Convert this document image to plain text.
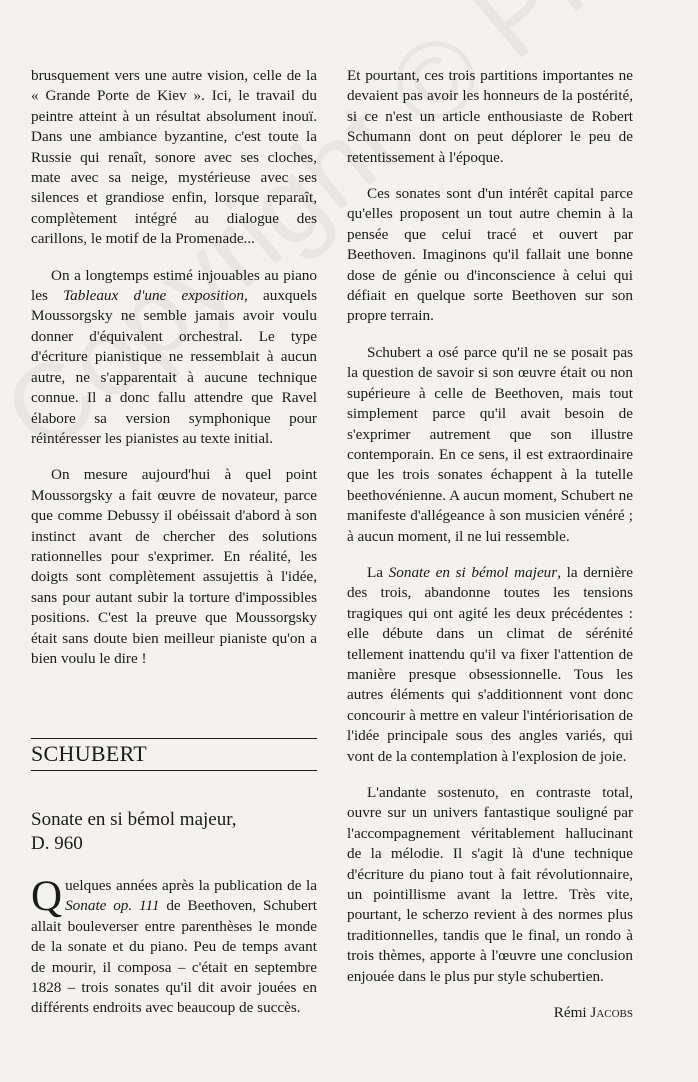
brusquement vers une autre vision, celle de la « Grande Porte de Kiev ». Ici, le travail du peintre atteint à un résultat absolument inouï. Dans une ambiance byzantine, c'est toute la Russie qui renaît, sonore avec ses cloches, mate avec sa neige, mystérieuse avec ses silences et grandiose enfin, lorsque reparaît, complètement intégré au dialogue des carillons, le motif de la Promenade...

On a longtemps estimé injouables au piano les Tableaux d'une exposition, auxquels Moussorgsky ne semble jamais avoir voulu donner d'équivalent orchestral. Le type d'écriture pianistique ne ressemblait à aucun autre, ne s'apparentait à aucune technique connue. Il a donc fallu attendre que Ravel élabore sa version symphonique pour réintéresser les pianistes au texte initial.

On mesure aujourd'hui à quel point Moussorgsky a fait œuvre de novateur, parce que comme Debussy il obéissait d'abord à son instinct avant de chercher des solutions rationnelles pour s'exprimer. En réalité, les doigts sont complètement assujettis à l'idée, sans pour autant subir la torture d'impossibles positions. C'est la preuve que Moussorgsky était sans doute bien meilleur pianiste qu'on a bien voulu le dire !

SCHUBERT
Sonate en si bémol majeur,
D. 960
Quelques années après la publication de la Sonate op. 111 de Beethoven, Schubert allait bouleverser entre parenthèses le monde de la sonate et du piano. Peu de temps avant de mourir, il composa – c'était en septembre 1828 – trois sonates qu'il dit avoir jouées en différents endroits avec beaucoup de succès.

Et pourtant, ces trois partitions importantes ne devaient pas avoir les honneurs de la postérité, si ce n'est un article enthousiaste de Robert Schumann dont on peut déplorer le peu de retentissement à l'époque.

Ces sonates sont d'un intérêt capital parce qu'elles proposent un tout autre chemin à la pensée que celui tracé et ouvert par Beethoven. Imaginons qu'il fallait une bonne dose de génie ou d'inconscience à celui qui défiait en quelque sorte Beethoven sur son propre terrain.

Schubert a osé parce qu'il ne se posait pas la question de savoir si son œuvre était ou non supérieure à celle de Beethoven, mais tout simplement parce qu'il avait besoin de s'exprimer autrement que son illustre contemporain. En ce sens, il est extraordinaire que les trois sonates échappent à la tutelle beethovénienne. A aucun moment, Schubert ne manifeste d'allégeance à son musicien vénéré ; à aucun moment, il ne lui ressemble.

La Sonate en si bémol majeur, la dernière des trois, abandonne toutes les tensions tragiques qui ont agité les deux précédentes : elle débute dans un climat de sérénité tellement inattendu qu'il va fixer l'attention de manière presque obsessionnelle. Tous les autres éléments qui s'additionnent vont donc concourir à mettre en valeur l'intériorisation de l'idée principale sous des angles variés, qui vont de la contemplation à l'explosion de joie.

L'andante sostenuto, en contraste total, ouvre sur un univers fantastique souligné par l'accompagnement véritablement hallucinant de la mélodie. Il s'agit là d'une technique d'écriture du piano tout à fait révolutionnaire, un pointillisme avant la lettre. Très vite, pourtant, le scherzo revient à des normes plus traditionnelles, tandis que le final, un rondo à trois thèmes, apporte à l'œuvre une conclusion enjouée dans le plus pur style schubertien.

Rémi Jacobs
